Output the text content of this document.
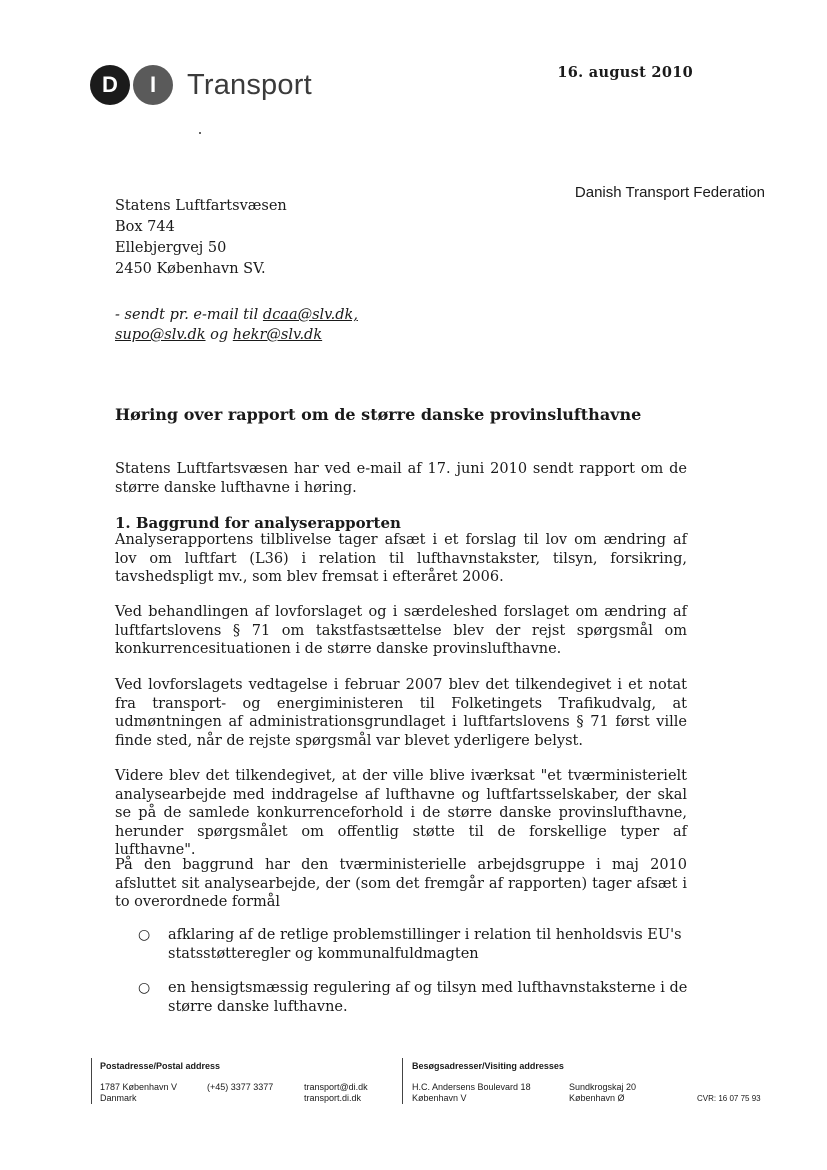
D	I	Transport	16. august 2010
Danish Transport Federation
Statens Luftfartsvæsen
Box 744
Ellebjergvej 50
2450 København SV.
- sendt pr. e-mail til dcaa@slv.dk,
supo@slv.dk og hekr@slv.dk
Høring over rapport om de større danske provinslufthavne
Statens Luftfartsvæsen har ved e-mail af 17. juni 2010 sendt rapport om de større danske lufthavne i høring.
1. Baggrund for analyserapporten
Analyserapportens tilblivelse tager afsæt i et forslag til lov om ændring af lov om luftfart (L36) i relation til lufthavnstakster, tilsyn, forsikring, tavshedspligt mv., som blev fremsat i efteråret 2006.
Ved behandlingen af lovforslaget og i særdeleshed forslaget om ændring af luftfartslovens § 71 om takstfastsættelse blev der rejst spørgsmål om konkurrencesituationen i de større danske provinslufthavne.
Ved lovforslagets vedtagelse i februar 2007 blev det tilkendegivet i et notat fra transport- og energiministeren til Folketingets Trafikudvalg, at udmøntningen af administrationsgrundlaget i luftfartslovens § 71 først ville finde sted, når de rejste spørgsmål var blevet yderligere belyst.
Videre blev det tilkendegivet, at der ville blive iværksat "et tværministerielt analysearbejde med inddragelse af lufthavne og luftfartsselskaber, der skal se på de samlede konkurrenceforhold i de større danske provinslufthavne, herunder spørgsmålet om offentlig støtte til de forskellige typer af lufthavne".
På den baggrund har den tværministerielle arbejdsgruppe i maj 2010 afsluttet sit analysearbejde, der (som det fremgår af rapporten) tager afsæt i to overordnede formål
○ afklaring af de retlige problemstillinger i relation til henholdsvis EU's statsstøtteregler og kommunalfuldmagten
○ en hensigtsmæssig regulering af og tilsyn med lufthavnstaksterne i de større danske lufthavne.
Postadresse/Postal address
1787 København V
Danmark
(+45) 3377 3377	transport@di.dk
transport.di.dk
Besøgsadresser/Visiting addresses
H.C. Andersens Boulevard 18
København V
Sundkrogskaj 20
København Ø	CVR: 16 07 75 93
